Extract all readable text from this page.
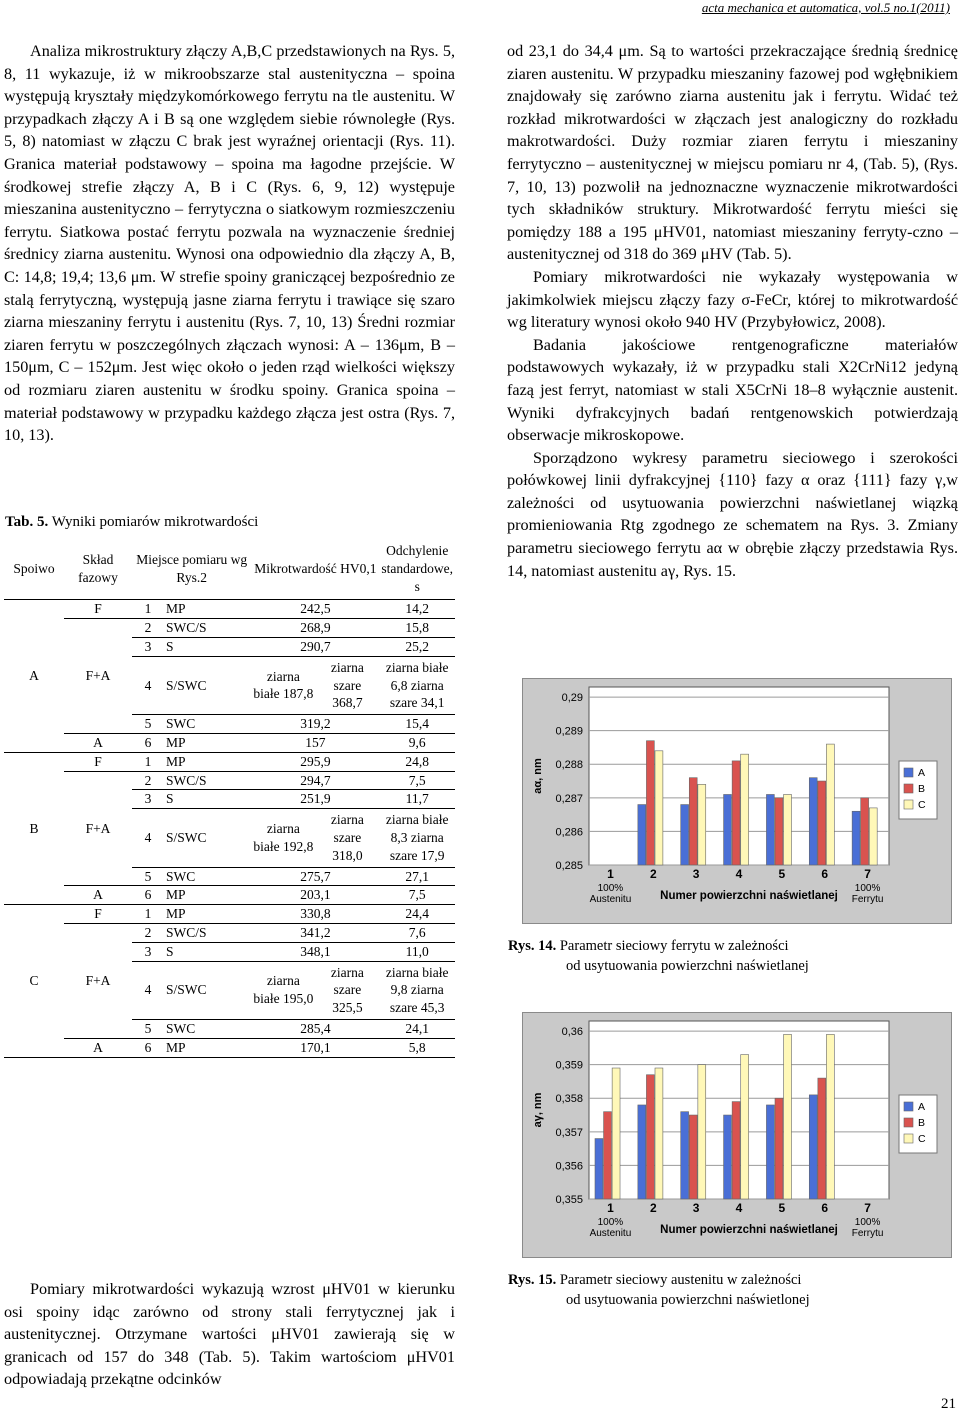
acta mechanica et automatica, vol.5 no.1(2011)

Analiza mikrostruktury złączy A,B,C przedstawionych na Rys. 5, 8, 11 wykazuje, iż w mikroobszarze stal austenityczna – spoina występują kryształy międzykomórkowego ferrytu na tle austenitu. W przypadkach złączy A i B są one względem siebie równoległe (Rys. 5, 8) natomiast w złączu C brak jest wyraźnej orientacji (Rys. 11). Granica materiał podstawowy – spoina ma łagodne przejście. W środkowej strefie złączy A, B i C (Rys. 6, 9, 12) występuje mieszanina austenityczno – ferrytyczna o siatkowym rozmieszczeniu ferrytu. Siatkowa postać ferrytu pozwala na wyznaczenie średniej średnicy ziarna austenitu. Wynosi ona odpowiednio dla złączy A, B, C: 14,8; 19,4; 13,6 μm. W strefie spoiny graniczącej bezpośrednio ze stalą ferrytyczną, występują jasne ziarna ferrytu i trawiące się szaro ziarna mieszaniny ferrytu i austenitu (Rys. 7, 10, 13) Średni rozmiar ziaren ferrytu w poszczególnych złączach wynosi: A – 136μm, B – 150μm, C – 152μm. Jest więc około o jeden rząd wielkości większy od rozmiaru ziaren austenitu w środku spoiny. Granica spoina – materiał podstawowy w przypadku każdego złącza jest ostra (Rys. 7, 10, 13).

Tab. 5. Wyniki pomiarów mikrotwardości
Spoiwo	Skład fazowy	Miejsce pomiaru wg Rys.2		Mikrotwardość HV0,1		Odchylenie standardowe, s
A	F	1	MP	242,5		14,2
	F+A	2	SWC/S	268,9		15,8
		3	S	290,7		25,2
		4	S/SWC	ziarna białe 187,8	ziarna szare 368,7	ziarna białe 6,8 ziarna szare 34,1
		5	SWC	319,2		15,4
	A	6	MP	157		9,6
B	F	1	MP	295,9		24,8
	F+A	2	SWC/S	294,7		7,5
		3	S	251,9		11,7
		4	S/SWC	ziarna białe 192,8	ziarna szare 318,0	ziarna białe 8,3 ziarna szare 17,9
		5	SWC	275,7		27,1
	A	6	MP	203,1		7,5
C	F	1	MP	330,8		24,4
	F+A	2	SWC/S	341,2		7,6
		3	S	348,1		11,0
		4	S/SWC	ziarna białe 195,0	ziarna szare 325,5	ziarna białe 9,8 ziarna szare 45,3
		5	SWC	285,4		24,1
	A	6	MP	170,1		5,8

Pomiary mikrotwardości wykazują wzrost μHV01 w kierunku osi spoiny idąc zarówno od strony stali ferrytycznej jak i austenitycznej. Otrzymane wartości μHV01 zawierają się w granicach od 157 do 348 (Tab. 5). Takim wartościom μHV01 odpowiadają przekątne odcinków

od 23,1 do 34,4 μm. Są to wartości przekraczające średnią średnicę ziaren austenitu. W przypadku mieszaniny fazowej pod wgłębnikiem znajdowały się zarówno ziarna austenitu jak i ferrytu. Widać też rozkład mikrotwardości w złączach jest analogiczny do rozkładu makrotwardości. Duży rozmiar ziaren ferrytu i mieszaniny ferrytyczno – austenitycznej w miejscu pomiaru nr 4, (Tab. 5), (Rys. 7, 10, 13) pozwolił na jednoznaczne wyznaczenie mikrotwardości tych składników struktury. Mikrotwardość ferrytu mieści się pomiędzy 188 a 195 μHV01, natomiast mieszaniny ferryty-czno – austenitycznej od 318 do 369 μHV (Tab. 5).

Pomiary mikrotwardości nie wykazały występowania w jakimkolwiek miejscu złączy fazy σ-FeCr, której to mikrotwardość wg literatury wynosi około 940 HV (Przybyłowicz, 2008).

Badania jakościowe rentgenograficzne materiałów podstawowych wykazały, iż w przypadku stali X2CrNi12 jedyną fazą jest ferryt, natomiast w stali X5CrNi 18–8 wyłącznie austenit. Wyniki dyfrakcyjnych badań rentgenowskich potwierdzają obserwacje mikroskopowe.

Sporządzono wykresy parametru sieciowego i szerokości połówkowej linii dyfrakcyjnej {110} fazy α oraz {111} fazy γ,w zależności od usytuowania powierzchni naświetlanej wiązką promieniowania Rtg zgodnego ze schematem na Rys. 3. Zmiany parametru sieciowego ferrytu aα w obrębie złączy przedstawia Rys. 14, natomiast austenitu aγ, Rys. 15.

0,285
0,286
0,287
0,288
0,289
0,29
1
100%
Austenitu
2	3	4	5	6	7
100%
Ferrytu
Numer powierzchni naświetlanej
aα, nm	A
B
C
Rys. 14. Parametr sieciowy ferrytu w zależności
od usytuowania powierzchni naświetlanej
0,355
0,356
0,357
0,358
0,359
0,36
1
100%
Austenitu
2	3	4	5	6	7
100%
Ferrytu
Numer powierzchni naświetlanej
aγ, nm	A
B
C
Rys. 15. Parametr sieciowy austenitu w zależności
od usytuowania powierzchni naświetlonej
21
